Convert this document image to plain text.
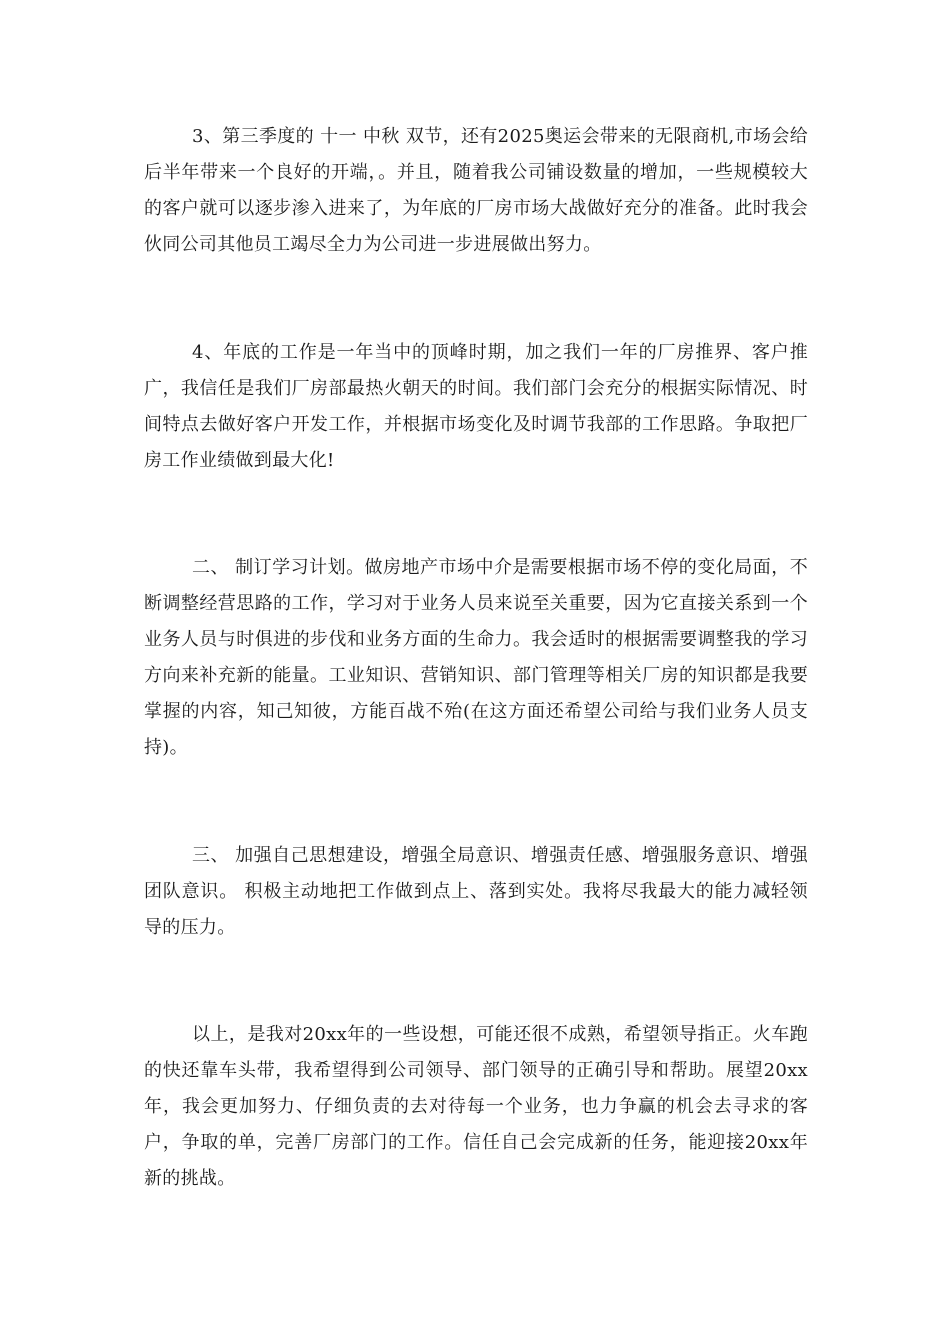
3、第三季度的 十一 中秋 双节，还有2025奥运会带来的无限商机,市场会给后半年带来一个良好的开端，。并且，随着我公司铺设数量的增加，一些规模较大的客户就可以逐步渗入进来了，为年底的厂房市场大战做好充分的准备。此时我会伙同公司其他员工竭尽全力为公司进一步进展做出努力。

4、年底的工作是一年当中的顶峰时期，加之我们一年的厂房推界、客户推广，我信任是我们厂房部最热火朝天的时间。我们部门会充分的根据实际情况、时间特点去做好客户开发工作，并根据市场变化及时调节我部的工作思路。争取把厂房工作业绩做到最大化!

二、 制订学习计划。做房地产市场中介是需要根据市场不停的变化局面，不断调整经营思路的工作，学习对于业务人员来说至关重要，因为它直接关系到一个业务人员与时俱进的步伐和业务方面的生命力。我会适时的根据需要调整我的学习方向来补充新的能量。工业知识、营销知识、部门管理等相关厂房的知识都是我要掌握的内容，知己知彼，方能百战不殆(在这方面还希望公司给与我们业务人员支持)。

三、 加强自己思想建设，增强全局意识、增强责任感、增强服务意识、增强团队意识。 积极主动地把工作做到点上、落到实处。我将尽我最大的能力减轻领导的压力。

以上，是我对20xx年的一些设想，可能还很不成熟，希望领导指正。火车跑的快还靠车头带，我希望得到公司领导、部门领导的正确引导和帮助。展望20xx年，我会更加努力、仔细负责的去对待每一个业务，也力争赢的机会去寻求的客户，争取的单，完善厂房部门的工作。信任自己会完成新的任务，能迎接20xx年新的挑战。
